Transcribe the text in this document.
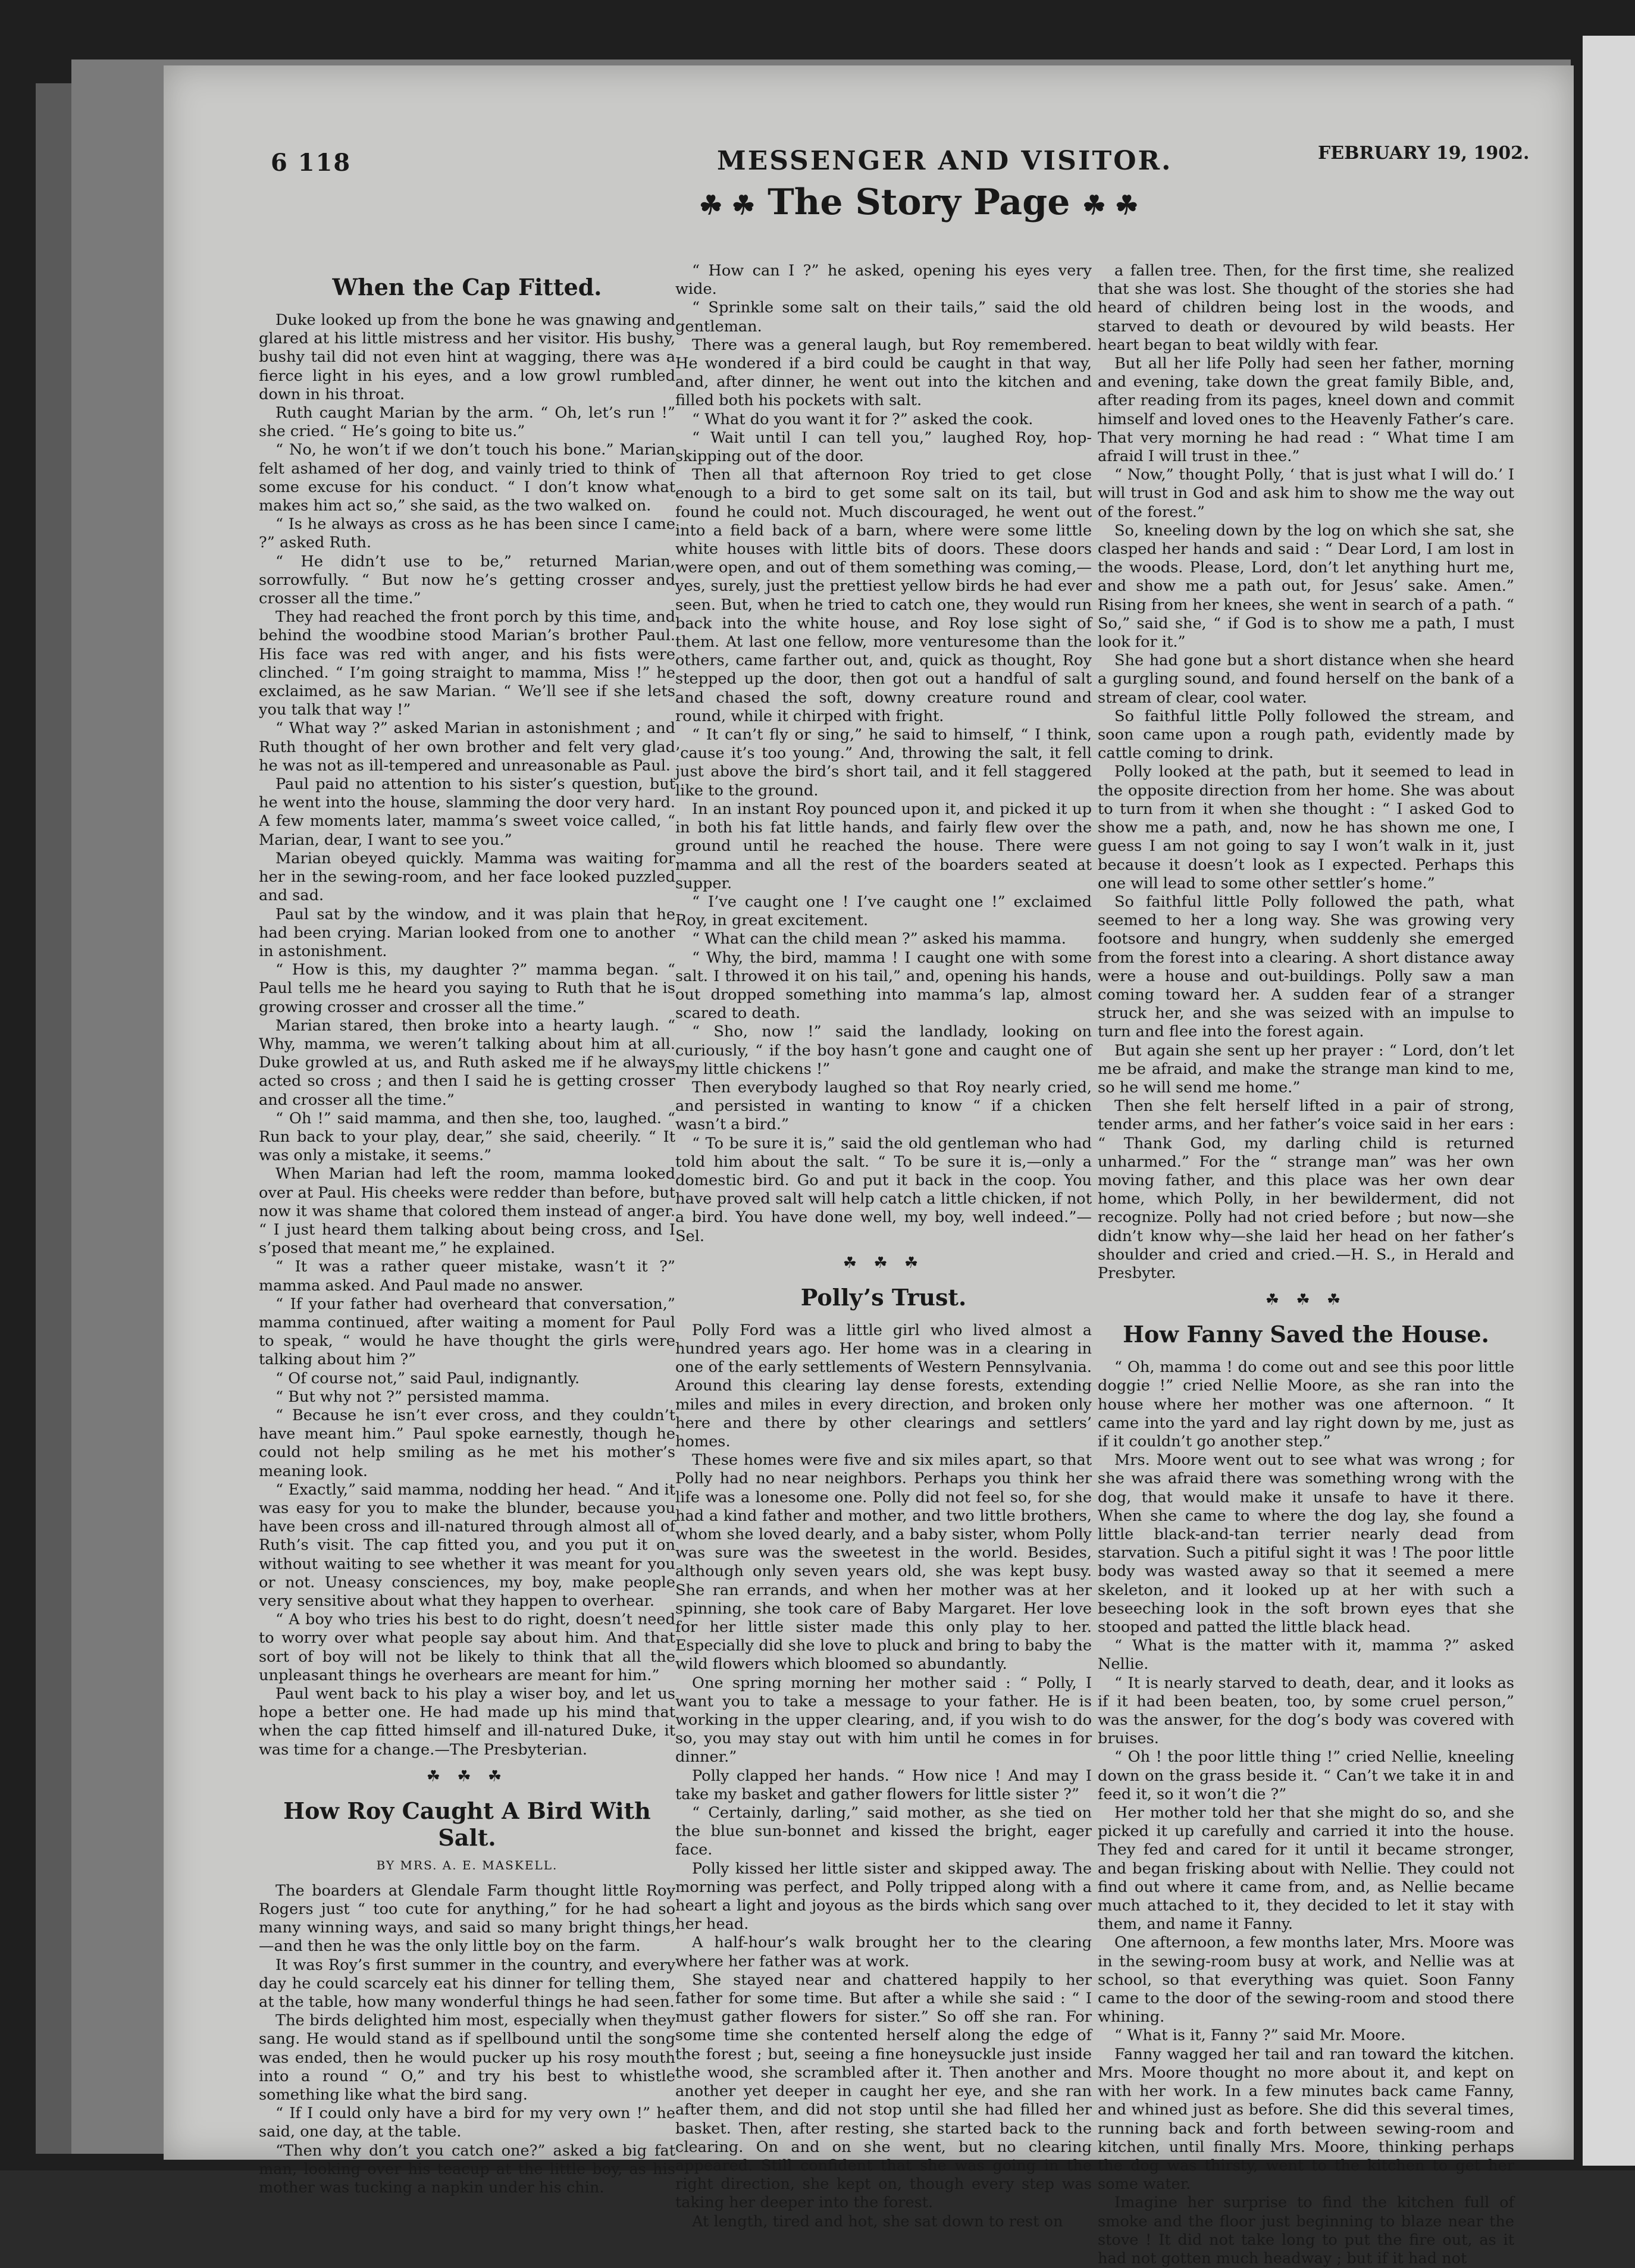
6 118	MESSENGER AND VISITOR.	FEBRUARY 19, 1902.
☘ ☘ The Story Page ☘ ☘
When the Cap Fitted.

Duke looked up from the bone he was gnawing and glared at his little mistress and her visitor. His bushy, bushy tail did not even hint at wagging, there was a fierce light in his eyes, and a low growl rumbled down in his throat.

Ruth caught Marian by the arm. “ Oh, let’s run !” she cried. “ He’s going to bite us.”

“ No, he won’t if we don’t touch his bone.” Marian felt ashamed of her dog, and vainly tried to think of some excuse for his conduct. “ I don’t know what makes him act so,” she said, as the two walked on.

“ Is he always as cross as he has been since I came ?” asked Ruth.

“ He didn’t use to be,” returned Marian, sorrowfully. “ But now he’s getting crosser and crosser all the time.”

They had reached the front porch by this time, and behind the woodbine stood Marian’s brother Paul. His face was red with anger, and his fists were clinched. “ I’m going straight to mamma, Miss !” he exclaimed, as he saw Marian. “ We’ll see if she lets you talk that way !”

“ What way ?” asked Marian in astonishment ; and Ruth thought of her own brother and felt very glad he was not as ill-tempered and unreasonable as Paul.

Paul paid no attention to his sister’s question, but he went into the house, slamming the door very hard. A few moments later, mamma’s sweet voice called, “ Marian, dear, I want to see you.”

Marian obeyed quickly. Mamma was waiting for her in the sewing-room, and her face looked puzzled and sad.

Paul sat by the window, and it was plain that he had been crying. Marian looked from one to another in astonishment.

“ How is this, my daughter ?” mamma began. “ Paul tells me he heard you saying to Ruth that he is growing crosser and crosser all the time.”

Marian stared, then broke into a hearty laugh. “ Why, mamma, we weren’t talking about him at all. Duke growled at us, and Ruth asked me if he always acted so cross ; and then I said he is getting crosser and crosser all the time.”

“ Oh !” said mamma, and then she, too, laughed. “ Run back to your play, dear,” she said, cheerily. “ It was only a mistake, it seems.”

When Marian had left the room, mamma looked over at Paul. His cheeks were redder than before, but now it was shame that colored them instead of anger. “ I just heard them talking about being cross, and I s’posed that meant me,” he explained.

“ It was a rather queer mistake, wasn’t it ?” mamma asked. And Paul made no answer.

“ If your father had overheard that conversation,” mamma continued, after waiting a moment for Paul to speak, “ would he have thought the girls were talking about him ?”

“ Of course not,” said Paul, indignantly.

“ But why not ?” persisted mamma.

“ Because he isn’t ever cross, and they couldn’t have meant him.” Paul spoke earnestly, though he could not help smiling as he met his mother’s meaning look.

“ Exactly,” said mamma, nodding her head. “ And it was easy for you to make the blunder, because you have been cross and ill-natured through almost all of Ruth’s visit. The cap fitted you, and you put it on without waiting to see whether it was meant for you or not. Uneasy consciences, my boy, make people very sensitive about what they happen to overhear.

“ A boy who tries his best to do right, doesn’t need to worry over what people say about him. And that sort of boy will not be likely to think that all the unpleasant things he overhears are meant for him.”

Paul went back to his play a wiser boy, and let us hope a better one. He had made up his mind that when the cap fitted himself and ill-natured Duke, it was time for a change.—The Presbyterian.

☘ ☘ ☘
How Roy Caught A Bird With Salt.
BY MRS. A. E. MASKELL.

The boarders at Glendale Farm thought little Roy Rogers just “ too cute for anything,” for he had so many winning ways, and said so many bright things,—and then he was the only little boy on the farm.

It was Roy’s first summer in the country, and every day he could scarcely eat his dinner for telling them, at the table, how many wonderful things he had seen.

The birds delighted him most, especially when they sang. He would stand as if spellbound until the song was ended, then he would pucker up his rosy mouth into a round “ O,” and try his best to whistle something like what the bird sang.

“ If I could only have a bird for my very own !” he said, one day, at the table.

“Then why don’t you catch one?” asked a big fat man, looking over his teacup at the little boy, as his mother was tucking a napkin under his chin.

“ How can I ?” he asked, opening his eyes very wide.

“ Sprinkle some salt on their tails,” said the old gentleman.

There was a general laugh, but Roy remembered. He wondered if a bird could be caught in that way, and, after dinner, he went out into the kitchen and filled both his pockets with salt.

“ What do you want it for ?” asked the cook.

“ Wait until I can tell you,” laughed Roy, hop-skipping out of the door.

Then all that afternoon Roy tried to get close enough to a bird to get some salt on its tail, but found he could not. Much discouraged, he went out into a field back of a barn, where were some little white houses with little bits of doors. These doors were open, and out of them something was coming,—yes, surely, just the prettiest yellow birds he had ever seen. But, when he tried to catch one, they would run back into the white house, and Roy lose sight of them. At last one fellow, more venturesome than the others, came farther out, and, quick as thought, Roy stepped up the door, then got out a handful of salt and chased the soft, downy creature round and round, while it chirped with fright.

“ It can’t fly or sing,” he said to himself, “ I think, ’cause it’s too young.” And, throwing the salt, it fell just above the bird’s short tail, and it fell staggered like to the ground.

In an instant Roy pounced upon it, and picked it up in both his fat little hands, and fairly flew over the ground until he reached the house. There were mamma and all the rest of the boarders seated at supper.

“ I’ve caught one ! I’ve caught one !” exclaimed Roy, in great excitement.

“ What can the child mean ?” asked his mamma.

“ Why, the bird, mamma ! I caught one with some salt. I throwed it on his tail,” and, opening his hands, out dropped something into mamma’s lap, almost scared to death.

“ Sho, now !” said the landlady, looking on curiously, “ if the boy hasn’t gone and caught one of my little chickens !”

Then everybody laughed so that Roy nearly cried, and persisted in wanting to know “ if a chicken wasn’t a bird.”

“ To be sure it is,” said the old gentleman who had told him about the salt. “ To be sure it is,—only a domestic bird. Go and put it back in the coop. You have proved salt will help catch a little chicken, if not a bird. You have done well, my boy, well indeed.”—Sel.

☘ ☘ ☘
Polly’s Trust.

Polly Ford was a little girl who lived almost a hundred years ago. Her home was in a clearing in one of the early settlements of Western Pennsylvania. Around this clearing lay dense forests, extending miles and miles in every direction, and broken only here and there by other clearings and settlers’ homes.

These homes were five and six miles apart, so that Polly had no near neighbors. Perhaps you think her life was a lonesome one. Polly did not feel so, for she had a kind father and mother, and two little brothers, whom she loved dearly, and a baby sister, whom Polly was sure was the sweetest in the world. Besides, although only seven years old, she was kept busy. She ran errands, and when her mother was at her spinning, she took care of Baby Margaret. Her love for her little sister made this only play to her. Especially did she love to pluck and bring to baby the wild flowers which bloomed so abundantly.

One spring morning her mother said : “ Polly, I want you to take a message to your father. He is working in the upper clearing, and, if you wish to do so, you may stay out with him until he comes in for dinner.”

Polly clapped her hands. “ How nice ! And may I take my basket and gather flowers for little sister ?”

“ Certainly, darling,” said mother, as she tied on the blue sun-bonnet and kissed the bright, eager face.

Polly kissed her little sister and skipped away. The morning was perfect, and Polly tripped along with a heart a light and joyous as the birds which sang over her head.

A half-hour’s walk brought her to the clearing where her father was at work.

She stayed near and chattered happily to her father for some time. But after a while she said : “ I must gather flowers for sister.” So off she ran. For some time she contented herself along the edge of the forest ; but, seeing a fine honeysuckle just inside the wood, she scrambled after it. Then another and another yet deeper in caught her eye, and she ran after them, and did not stop until she had filled her basket. Then, after resting, she started back to the clearing. On and on she went, but no clearing appeared. Still confident that she was going in the right direction, she kept on, though every step was taking her deeper into the forest.

At length, tired and hot, she sat down to rest on

a fallen tree. Then, for the first time, she realized that she was lost. She thought of the stories she had heard of children being lost in the woods, and starved to death or devoured by wild beasts. Her heart began to beat wildly with fear.

But all her life Polly had seen her father, morning and evening, take down the great family Bible, and, after reading from its pages, kneel down and commit himself and loved ones to the Heavenly Father’s care. That very morning he had read : “ What time I am afraid I will trust in thee.”

“ Now,” thought Polly, ‘ that is just what I will do.’ I will trust in God and ask him to show me the way out of the forest.”

So, kneeling down by the log on which she sat, she clasped her hands and said : “ Dear Lord, I am lost in the woods. Please, Lord, don’t let anything hurt me, and show me a path out, for Jesus’ sake. Amen.” Rising from her knees, she went in search of a path. “ So,” said she, “ if God is to show me a path, I must look for it.”

She had gone but a short distance when she heard a gurgling sound, and found herself on the bank of a stream of clear, cool water.

So faithful little Polly followed the stream, and soon came upon a rough path, evidently made by cattle coming to drink.

Polly looked at the path, but it seemed to lead in the opposite direction from her home. She was about to turn from it when she thought : “ I asked God to show me a path, and, now he has shown me one, I guess I am not going to say I won’t walk in it, just because it doesn’t look as I expected. Perhaps this one will lead to some other settler’s home.”

So faithful little Polly followed the path, what seemed to her a long way. She was growing very footsore and hungry, when suddenly she emerged from the forest into a clearing. A short distance away were a house and out-buildings. Polly saw a man coming toward her. A sudden fear of a stranger struck her, and she was seized with an impulse to turn and flee into the forest again.

But again she sent up her prayer : “ Lord, don’t let me be afraid, and make the strange man kind to me, so he will send me home.”

Then she felt herself lifted in a pair of strong, tender arms, and her father’s voice said in her ears : “ Thank God, my darling child is returned unharmed.” For the “ strange man” was her own moving father, and this place was her own dear home, which Polly, in her bewilderment, did not recognize. Polly had not cried before ; but now—she didn’t know why—she laid her head on her father’s shoulder and cried and cried.—H. S., in Herald and Presbyter.

☘ ☘ ☘
How Fanny Saved the House.

“ Oh, mamma ! do come out and see this poor little doggie !” cried Nellie Moore, as she ran into the house where her mother was one afternoon. “ It came into the yard and lay right down by me, just as if it couldn’t go another step.”

Mrs. Moore went out to see what was wrong ; for she was afraid there was something wrong with the dog, that would make it unsafe to have it there. When she came to where the dog lay, she found a little black-and-tan terrier nearly dead from starvation. Such a pitiful sight it was ! The poor little body was wasted away so that it seemed a mere skeleton, and it looked up at her with such a beseeching look in the soft brown eyes that she stooped and patted the little black head.

“ What is the matter with it, mamma ?” asked Nellie.

“ It is nearly starved to death, dear, and it looks as if it had been beaten, too, by some cruel person,” was the answer, for the dog’s body was covered with bruises.

“ Oh ! the poor little thing !” cried Nellie, kneeling down on the grass beside it. “ Can’t we take it in and feed it, so it won’t die ?”

Her mother told her that she might do so, and she picked it up carefully and carried it into the house. They fed and cared for it until it became stronger, and began frisking about with Nellie. They could not find out where it came from, and, as Nellie became much attached to it, they decided to let it stay with them, and name it Fanny.

One afternoon, a few months later, Mrs. Moore was in the sewing-room busy at work, and Nellie was at school, so that everything was quiet. Soon Fanny came to the door of the sewing-room and stood there whining.

“ What is it, Fanny ?” said Mr. Moore.

Fanny wagged her tail and ran toward the kitchen. Mrs. Moore thought no more about it, and kept on with her work. In a few minutes back came Fanny, and whined just as before. She did this several times, running back and forth between sewing-room and kitchen, until finally Mrs. Moore, thinking perhaps the dog was thirsty, went to the kitchen to get her some water.

Imagine her surprise to find the kitchen full of smoke and the floor just beginning to blaze near the stove ! It did not take long to put the fire out, as it had not gotten much headway ; but if it had not
